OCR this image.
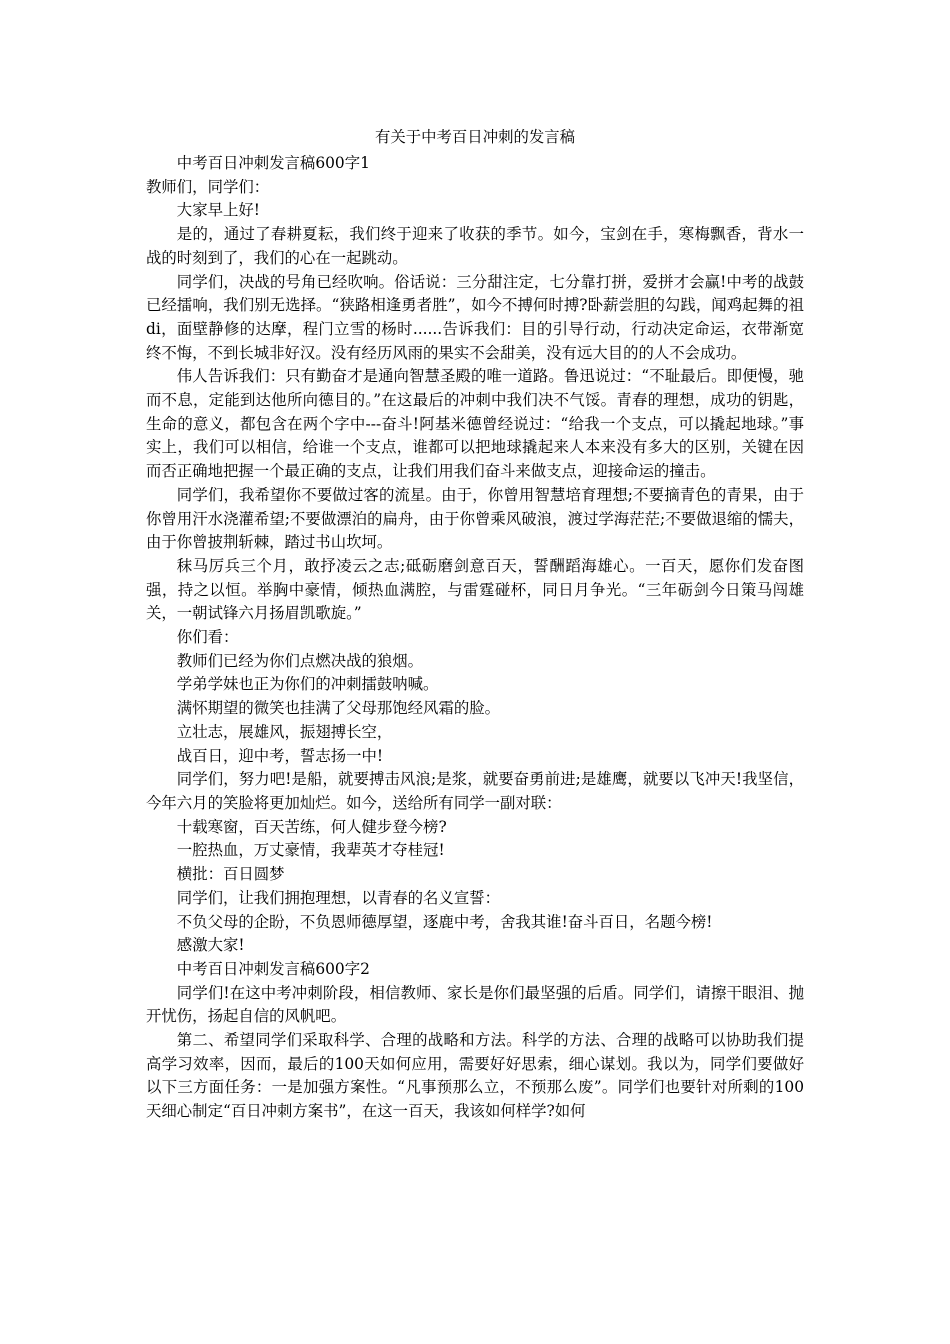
有关于中考百日冲刺的发言稿

中考百日冲刺发言稿600字1

教师们，同学们：

大家早上好!

是的，通过了春耕夏耘，我们终于迎来了收获的季节。如今，宝剑在手，寒梅飘香，背水一战的时刻到了，我们的心在一起跳动。

同学们，决战的号角已经吹响。俗话说：三分甜注定，七分靠打拼，爱拼才会赢!中考的战鼓已经擂响，我们别无选择。“狭路相逢勇者胜”，如今不搏何时搏?卧薪尝胆的勾践，闻鸡起舞的祖di，面壁静修的达摩，程门立雪的杨时......告诉我们：目的引导行动，行动决定命运，衣带渐宽终不悔，不到长城非好汉。没有经历风雨的果实不会甜美，没有远大目的的人不会成功。

伟人告诉我们：只有勤奋才是通向智慧圣殿的唯一道路。鲁迅说过：“不耻最后。即便慢，驰而不息，定能到达他所向德目的。”在这最后的冲刺中我们决不气馁。青春的理想，成功的钥匙，生命的意义，都包含在两个字中---奋斗!阿基米德曾经说过：“给我一个支点，可以撬起地球。”事实上，我们可以相信，给谁一个支点，谁都可以把地球撬起来人本来没有多大的区别，关键在因而否正确地把握一个最正确的支点，让我们用我们奋斗来做支点，迎接命运的撞击。

同学们，我希望你不要做过客的流星。由于，你曾用智慧培育理想;不要摘青色的青果，由于你曾用汗水浇灌希望;不要做漂泊的扁舟，由于你曾乘风破浪，渡过学海茫茫;不要做退缩的懦夫，由于你曾披荆斩棘，踏过书山坎坷。

秣马厉兵三个月，敢抒凌云之志;砥砺磨剑意百天，誓酬蹈海雄心。一百天，愿你们发奋图强，持之以恒。举胸中豪情，倾热血满腔，与雷霆碰杯，同日月争光。“三年砺剑今日策马闯雄关，一朝试锋六月扬眉凯歌旋。”

你们看：

教师们已经为你们点燃决战的狼烟。

学弟学妹也正为你们的冲刺擂鼓呐喊。

满怀期望的微笑也挂满了父母那饱经风霜的脸。

立壮志，展雄风，振翅搏长空，

战百日，迎中考，誓志扬一中!

同学们，努力吧!是船，就要搏击风浪;是浆，就要奋勇前进;是雄鹰，就要以飞冲天!我坚信，今年六月的笑脸将更加灿烂。如今，送给所有同学一副对联：

十载寒窗，百天苦练，何人健步登今榜?

一腔热血，万丈豪情，我辈英才夺桂冠!

横批：百日圆梦

同学们，让我们拥抱理想，以青春的名义宣誓：

不负父母的企盼，不负恩师德厚望，逐鹿中考，舍我其谁!奋斗百日，名题今榜!

感激大家!

中考百日冲刺发言稿600字2

同学们!在这中考冲刺阶段，相信教师、家长是你们最坚强的后盾。同学们，请擦干眼泪、抛开忧伤，扬起自信的风帆吧。

第二、希望同学们采取科学、合理的战略和方法。科学的方法、合理的战略可以协助我们提高学习效率，因而，最后的100天如何应用，需要好好思索，细心谋划。我以为，同学们要做好以下三方面任务：一是加强方案性。“凡事预那么立，不预那么废”。同学们也要针对所剩的100天细心制定“百日冲刺方案书”，在这一百天，我该如何样学?如何
